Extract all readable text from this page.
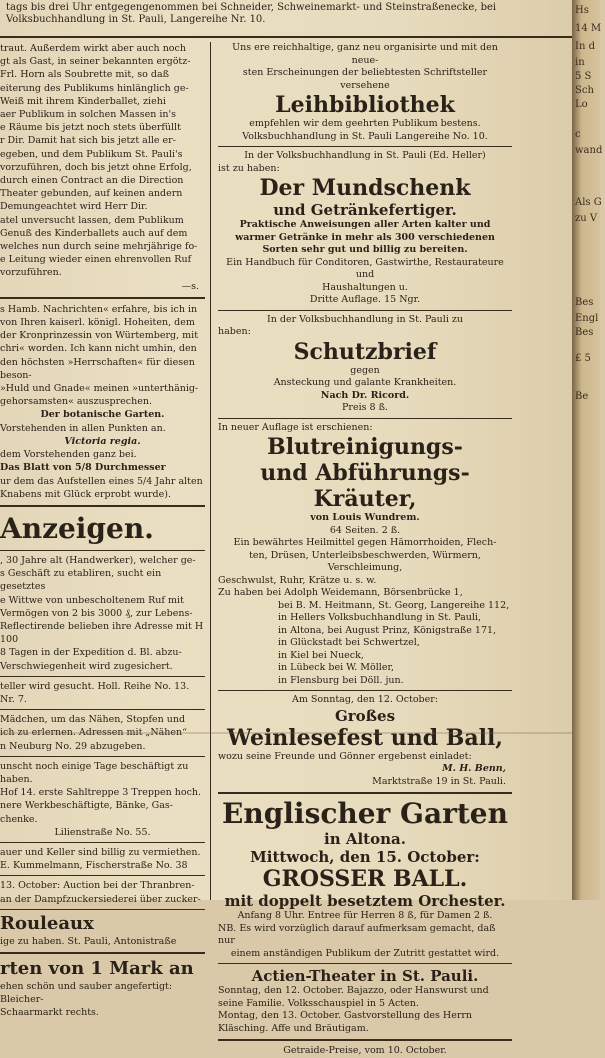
tags bis drei Uhr entgegengenommen bei Schneider, Schweinemarkt- und Steinstraßenecke, bei Volksbuchhandlung in St. Pauli, Langereihe Nr. 10.

traut. Außerdem wirkt aber auch noch

gt als Gast, in seiner bekannten ergötz-

Frl. Horn als Soubrette mit, so daß

eiterung des Publikums hinlänglich ge-

Weiß mit ihrem Kinderballet, ziehi

aer Publikum in solchen Massen in's

e Räume bis jetzt noch stets überfüllt

r Dir. Damit hat sich bis jetzt alle er-

egeben, und dem Publikum St. Pauli's

vorzuführen, doch bis jetzt ohne Erfolg,

durch einen Contract an die Direction

Theater gebunden, auf keinen andern

Demungeachtet wird Herr Dir.

atel unversucht lassen, dem Publikum

Genuß des Kinderballets auch auf dem

welches nun durch seine mehrjährige fo-

e Leitung wieder einen ehrenvollen Ruf

vorzuführen.

—s.

s Hamb. Nachrichten« erfahre, bis ich in

von Ihren kaiserl. königl. Hoheiten, dem

der Kronprinzessin von Würtemberg, mit

chri« worden. Ich kann nicht umhin, den

den höchsten »Herrschaften« für diesen beson-

»Huld und Gnade« meinen »unterthänig-

gehorsamsten« auszusprechen.

Der botanische Garten.

Vorstehenden in allen Punkten an.

Victoria regia.

dem Vorstehenden ganz bei.

Das Blatt von 5/8 Durchmesser

ur dem das Aufstellen eines 5/4 Jahr alten

Knabens mit Glück erprobt wurde).

Anzeigen.

, 30 Jahre alt (Handwerker), welcher ge-

s Geschäft zu etabliren, sucht ein gesetztes

e Wittwe von unbescholtenem Ruf mit

Vermögen von 2 bis 3000 ₰, zur Lebens-

Reflectirende belieben ihre Adresse mit H 100

8 Tagen in der Expedition d. Bl. abzu-

Verschwiegenheit wird zugesichert.

teller wird gesucht. Holl. Reihe No. 13.

Nr. 7.

Mädchen, um das Nähen, Stopfen und

ich zu erlernen. Adressen mit „Nähen“

n Neuburg No. 29 abzugeben.

unscht noch einige Tage beschäftigt zu haben.

Hof 14. erste Sahltreppe 3 Treppen hoch.

nere Werkbeschäftigte, Bänke, Gas-

chenke.

Lilienstraße No. 55.

auer und Keller sind billig zu vermiethen.

E. Kummelmann, Fischerstraße No. 38

13. October: Auction bei der Thranbren-

an der Dampfzuckersiederei über zucker-

Rouleaux

ige zu haben. St. Pauli, Antonistraße

rten von 1 Mark an

ehen schön und sauber angefertigt: Bleicher-

Schaarmarkt rechts.

Uns ere reichhaltige, ganz neu organisirte und mit den neue-

sten Erscheinungen der beliebtesten Schriftsteller versehene

Leihbibliothek

empfehlen wir dem geehrten Publikum bestens.

Volksbuchhandlung in St. Pauli Langereihe No. 10.

In der Volksbuchhandlung in St. Pauli (Ed. Heller)

ist zu haben:

Der Mundschenk

und Getränkefertiger.

Praktische Anweisungen aller Arten kalter und

warmer Getränke in mehr als 300 verschiedenen

Sorten sehr gut und billig zu bereiten.

Ein Handbuch für Conditoren, Gastwirthe, Restaurateure und

Haushaltungen u.

Dritte Auflage. 15 Ngr.

In der Volksbuchhandlung in St. Pauli zu

haben:

Schutzbrief

gegen

Ansteckung und galante Krankheiten.

Nach Dr. Ricord.

Preis 8 ß.

In neuer Auflage ist erschienen:

Blutreinigungs-

und Abführungs-Kräuter,

von Louis Wundrem.

64 Seiten. 2 ß.

Ein bewährtes Heilmittel gegen Hämorrhoiden, Flech-

ten, Drüsen, Unterleibsbeschwerden, Würmern, Verschleimung,

Geschwulst, Ruhr, Krätze u. s. w.

Zu haben bei Adolph Weidemann, Börsenbrücke 1,

bei B. M. Heitmann, St. Georg, Langereihe 112,

in Hellers Volksbuchhandlung in St. Pauli,

in Altona, bei August Prinz, Königstraße 171,

in Glückstadt bei Schwertzel,

in Kiel bei Nueck,

in Lübeck bei W. Möller,

in Flensburg bei Döll. jun.

Am Sonntag, den 12. October:

Großes

Weinlesefest und Ball,

wozu seine Freunde und Gönner ergebenst einladet:

M. H. Benn,

Marktstraße 19 in St. Pauli.

Englischer Garten

in Altona.

Mittwoch, den 15. October:

GROSSER BALL.

mit doppelt besetztem Orchester.

Anfang 8 Uhr. Entree für Herren 8 ß, für Damen 2 ß.

NB. Es wird vorzüglich darauf aufmerksam gemacht, daß nur

einem anständigen Publikum der Zutritt gestattet wird.

Actien-Theater in St. Pauli.

Sonntag, den 12. October. Bajazzo, oder Hanswurst und

seine Familie. Volksschauspiel in 5 Acten.

Montag, den 13. October. Gastvorstellung des Herrn

Kläsching. Affe und Bräutigam.

Getraide-Preise, vom 10. October.

Hs
14 M
In d
in
5 S
Sch
Lo
c
wand
Als G
zu V
Bes
Engl
Bes
£ 5
Be
